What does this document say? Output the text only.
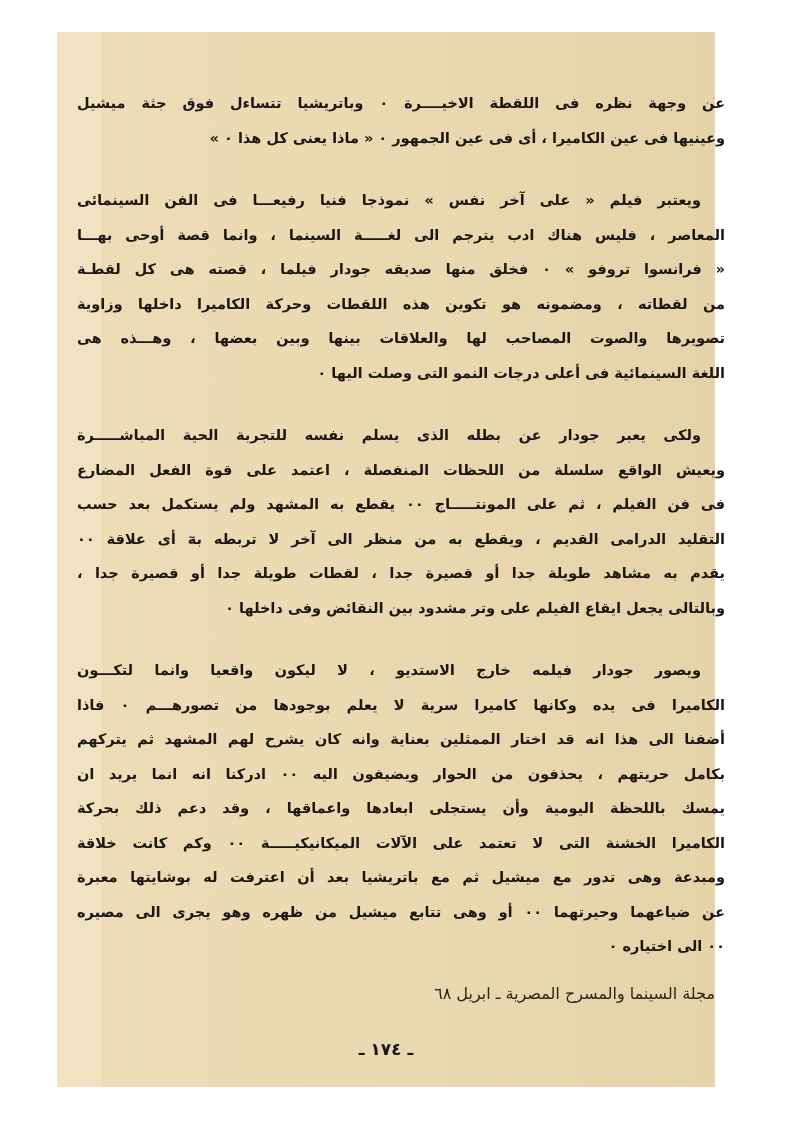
عن وجهة نظره فى اللقطة الاخيــــرة ٠ وباتريشيا تتساءل فوق جثة ميشيل
وعينيها فى عين الكاميرا ، أى فى عين الجمهور ٠ « ماذا يعنى كل هذا ٠ »
ويعتبر فيلم « على آخر نفس » نموذجا فنيا رفيعـــا فى الفن السينمائى
المعاصر ، فليس هناك ادب يترجم الى لغـــــة السينما ، وانما قصة أوحى بهـــا
« فرانسوا تروفو » ٠ فخلق منها صديقه جودار فيلما ، قصته هى كل لقطـة
من لقطاته ، ومضمونه هو تكوين هذه اللقطات وحركة الكاميرا داخلها وزاوية
تصويرها والصوت المصاحب لها والعلاقات بينها وبين بعضها ، وهـــذه هى
اللغة السينمائية فى أعلى درجات النمو التى وصلت اليها ٠
ولكى يعبر جودار عن بطله الذى يسلم نفسه للتجربة الحية المباشـــــرة
ويعيش الواقع سلسلة من اللحظات المنفصلة ، اعتمد على قوة الفعل المضارع
فى فن الفيلم ، ثم على المونتـــــاج ٠٠ يقطع به المشهد ولم يستكمل بعد حسب
التقليد الدرامى القديم ، ويقطع به من منظر الى آخر لا تربطه بهٓ أى علاقة ٠٠
يقدم به مشاهد طويلة جدا أو قصيرة جدا ، لقطات طويلة جدا أو قصيرة جدا ،
وبالتالى يجعل ايقاع الفيلم على وتر مشدود بين النقائض وفى داخلها ٠
ويصور جودار فيلمه خارج الاستديو ، لا ليكون واقعيا وانما لتكـــون
الكاميرا فى يده وكانها كاميرا سرية لا يعلم بوجودها من تصورهـــم ٠ فاذا
أضفنا الى هذا انه قد اختار الممثلين بعناية وانه كان يشرح لهم المشهد ثم يتركهم
بكامل حريتهم ، يحذفون من الحوار ويضيفون اليه ٠٠ ادركنا انه انما يريد ان
يمسك باللحظة اليومية وأن يستجلى ابعادها واعماقها ، وقد دعم ذلك بحركة
الكاميرا الخشنة التى لا تعتمد على الآلات الميكانيكيـــــة ٠٠ وكم كانت خلاقة
ومبدعة وهى تدور مع ميشيل ثم مع باتريشيا بعد أن اعترفت له بوشايتها معبرة
عن ضياعهما وحيرتهما ٠٠ أو وهى تتابع ميشيل من ظهره وهو يجرى الى مصيره
٠٠ الى اختياره ٠
مجلة السينما والمسرح المصرية ـ ابريل ٦٨
ـ ١٧٤ ـ
